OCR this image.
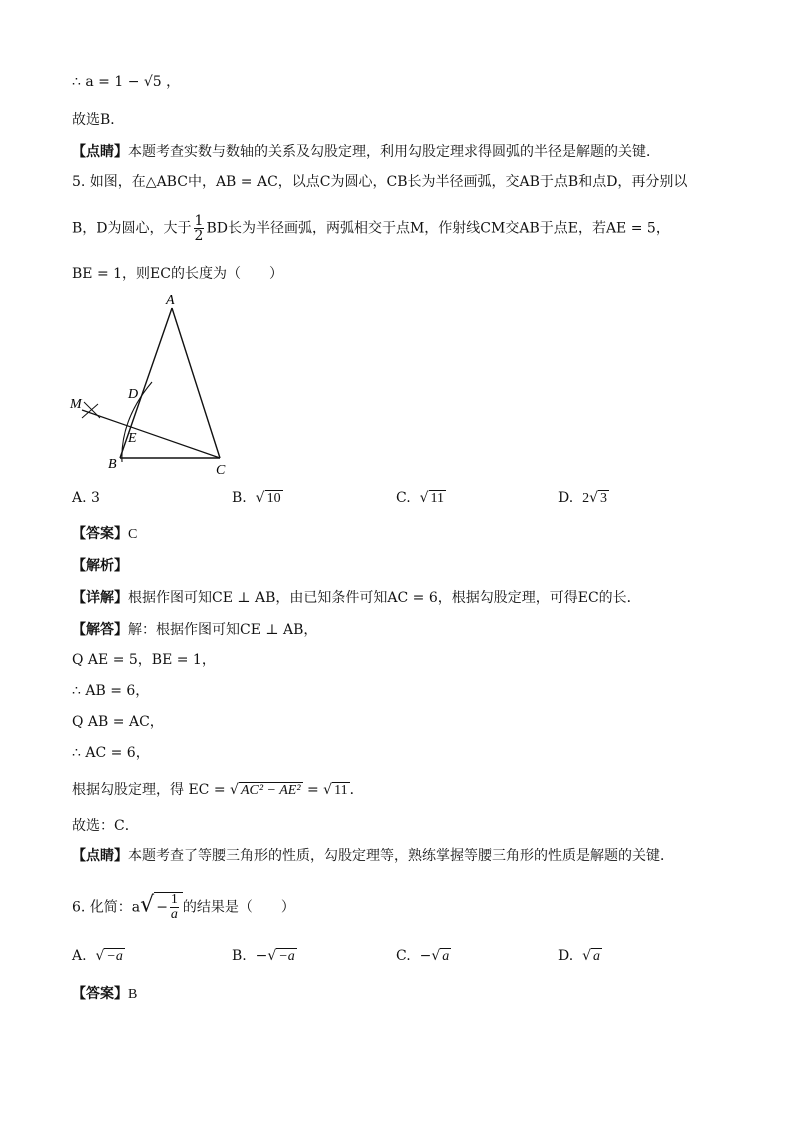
∴ a = 1 − √5 ，
故选B．
【点睛】本题考查实数与数轴的关系及勾股定理，利用勾股定理求得圆弧的半径是解题的关键．
5. 如图，在△ABC中，AB = AC，以点C为圆心，CB长为半径画弧，交AB于点B和点D，再分别以
B，D为圆心，大于 $\frac{1}{2}$ BD长为半径画弧，两弧相交于点M，作射线CM交AB于点E，若AE = 5，
BE = 1，则EC的长度为（　　）
A
B	C
D
E
M
A. 3	B. √ 10	C. √ 11	D. 2√ 3
【答案】C
【解析】
【详解】根据作图可知CE ⊥ AB，由已知条件可知AC = 6，根据勾股定理，可得EC的长．
【解答】解：根据作图可知CE ⊥ AB，
Q AE = 5，BE = 1，
∴ AB = 6，
Q AB = AC，
∴ AC = 6，
根据勾股定理，得 EC = √ AC² − AE² = √ 11 ．
故选：C．
【点睛】本题考查了等腰三角形的性质，勾股定理等，熟练掌握等腰三角形的性质是解题的关键．
6. 化简：$a√ - \frac{1}{a}$ 的结果是（　　）
A. √ −a	B. −√ −a	C. −√ a	D. √ a
【答案】B
